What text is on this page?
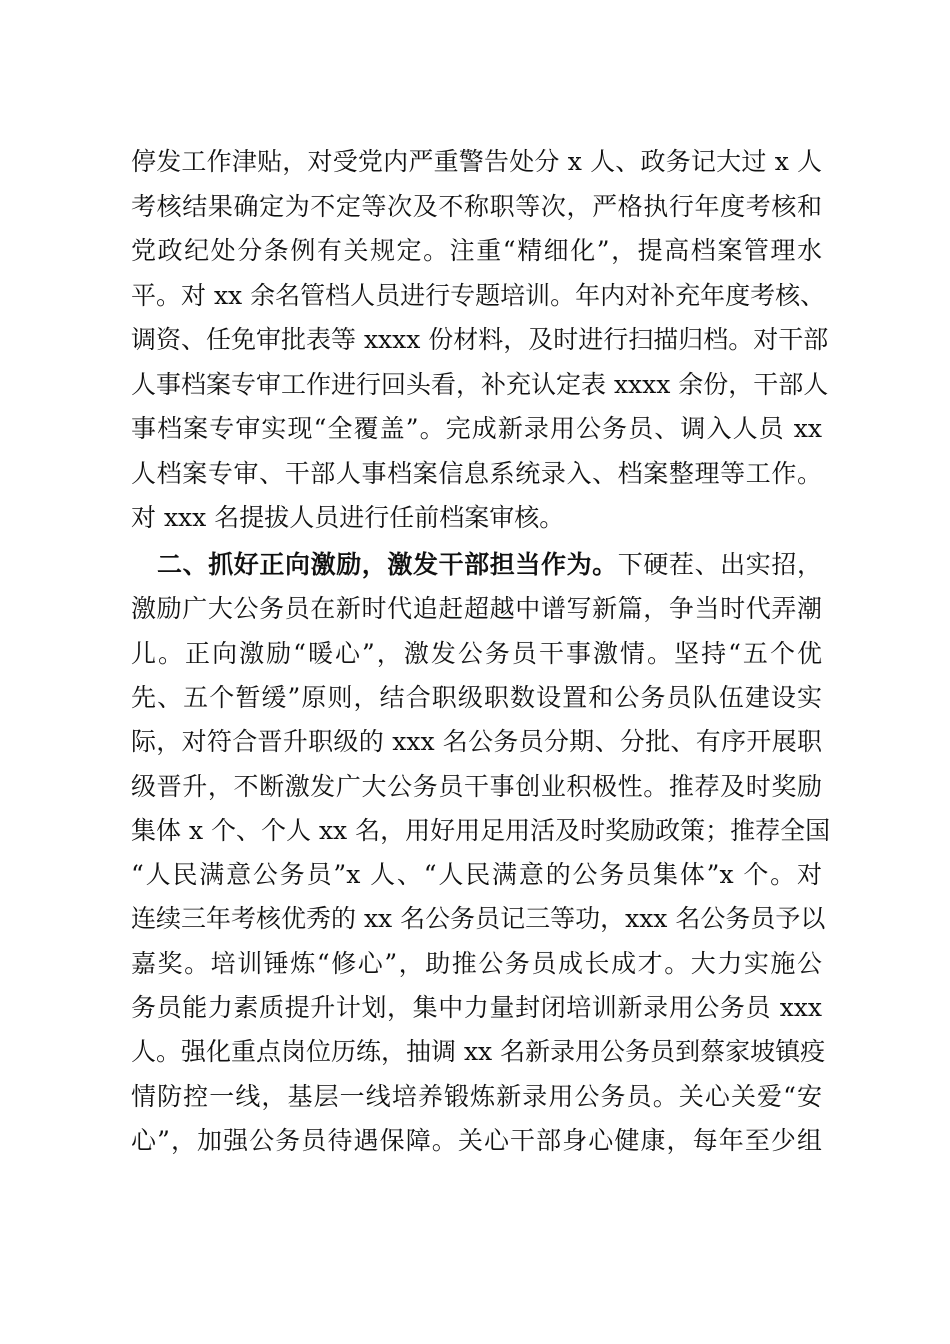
停发工作津贴，对受党内严重警告处分 x 人、政务记大过 x 人
考核结果确定为不定等次及不称职等次，严格执行年度考核和
党政纪处分条例有关规定。注重“精细化”，提高档案管理水
平。对 xx 余名管档人员进行专题培训。年内对补充年度考核、
调资、任免审批表等 xxxx 份材料，及时进行扫描归档。对干部
人事档案专审工作进行回头看，补充认定表 xxxx 余份，干部人
事档案专审实现“全覆盖”。完成新录用公务员、调入人员 xx
人档案专审、干部人事档案信息系统录入、档案整理等工作。
对 xxx 名提拔人员进行任前档案审核。
二、抓好正向激励，激发干部担当作为。下硬茬、出实招，
激励广大公务员在新时代追赶超越中谱写新篇，争当时代弄潮
儿。正向激励“暖心”，激发公务员干事激情。坚持“五个优
先、五个暂缓”原则，结合职级职数设置和公务员队伍建设实
际，对符合晋升职级的 xxx 名公务员分期、分批、有序开展职
级晋升，不断激发广大公务员干事创业积极性。推荐及时奖励
集体 x 个、个人 xx 名，用好用足用活及时奖励政策；推荐全国
“人民满意公务员”x 人、“人民满意的公务员集体”x 个。对
连续三年考核优秀的 xx 名公务员记三等功，xxx 名公务员予以
嘉奖。培训锤炼“修心”，助推公务员成长成才。大力实施公
务员能力素质提升计划，集中力量封闭培训新录用公务员 xxx
人。强化重点岗位历练，抽调 xx 名新录用公务员到蔡家坡镇疫
情防控一线，基层一线培养锻炼新录用公务员。关心关爱“安
心”，加强公务员待遇保障。关心干部身心健康，每年至少组
